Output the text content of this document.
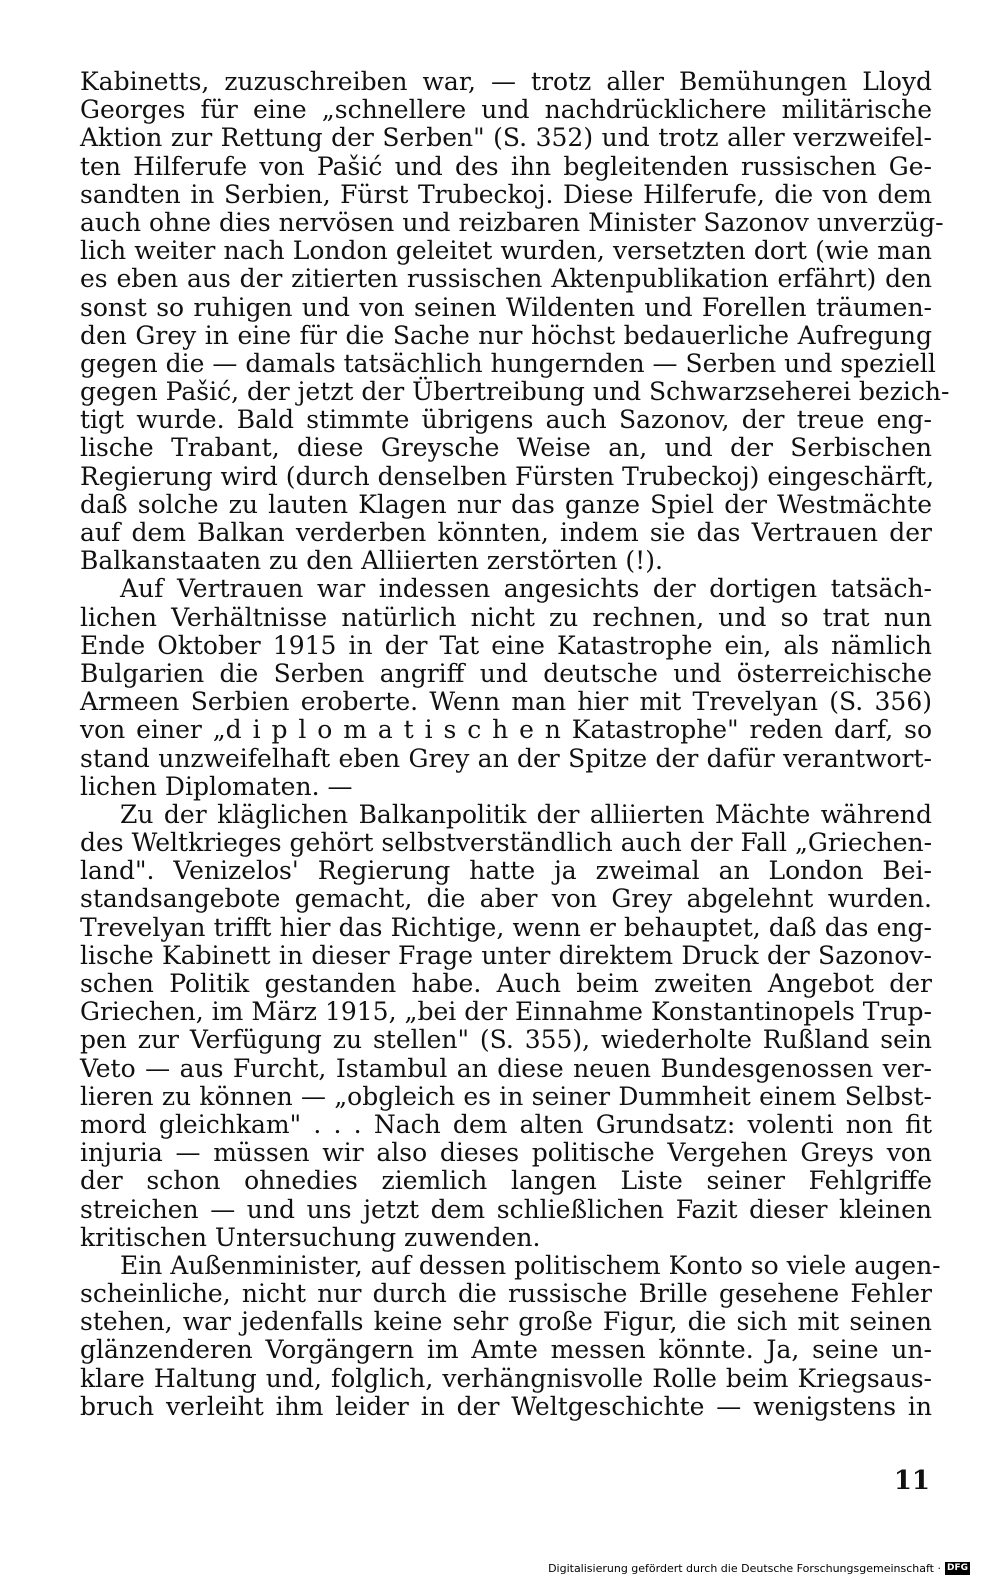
Kabinetts, zuzuschreiben war, — trotz aller Bemühungen Lloyd
Georges für eine „schnellere und nachdrücklichere militärische
Aktion zur Rettung der Serben" (S. 352) und trotz aller verzweifel-
ten Hilferufe von Pašić und des ihn begleitenden russischen Ge-
sandten in Serbien, Fürst Trubeckoj. Diese Hilferufe, die von dem
auch ohne dies nervösen und reizbaren Minister Sazonov unverzüg-
lich weiter nach London geleitet wurden, versetzten dort (wie man
es eben aus der zitierten russischen Aktenpublikation erfährt) den
sonst so ruhigen und von seinen Wildenten und Forellen träumen-
den Grey in eine für die Sache nur höchst bedauerliche Aufregung
gegen die — damals tatsächlich hungernden — Serben und speziell
gegen Pašić, der jetzt der Übertreibung und Schwarzseherei bezich-
tigt wurde. Bald stimmte übrigens auch Sazonov, der treue eng-
lische Trabant, diese Greysche Weise an, und der Serbischen
Regierung wird (durch denselben Fürsten Trubeckoj) eingeschärft,
daß solche zu lauten Klagen nur das ganze Spiel der Westmächte
auf dem Balkan verderben könnten, indem sie das Vertrauen der
Balkanstaaten zu den Alliierten zerstörten (!).
Auf Vertrauen war indessen angesichts der dortigen tatsäch-
lichen Verhältnisse natürlich nicht zu rechnen, und so trat nun
Ende Oktober 1915 in der Tat eine Katastrophe ein, als nämlich
Bulgarien die Serben angriff und deutsche und österreichische
Armeen Serbien eroberte. Wenn man hier mit Trevelyan (S. 356)
von einer „d i p l o m a t i s c h e n Katastrophe" reden darf, so
stand unzweifelhaft eben Grey an der Spitze der dafür verantwort-
lichen Diplomaten. —
Zu der kläglichen Balkanpolitik der alliierten Mächte während
des Weltkrieges gehört selbstverständlich auch der Fall „Griechen-
land". Venizelos' Regierung hatte ja zweimal an London Bei-
standsangebote gemacht, die aber von Grey abgelehnt wurden.
Trevelyan trifft hier das Richtige, wenn er behauptet, daß das eng-
lische Kabinett in dieser Frage unter direktem Druck der Sazonov-
schen Politik gestanden habe. Auch beim zweiten Angebot der
Griechen, im März 1915, „bei der Einnahme Konstantinopels Trup-
pen zur Verfügung zu stellen" (S. 355), wiederholte Rußland sein
Veto — aus Furcht, Istambul an diese neuen Bundesgenossen ver-
lieren zu können — „obgleich es in seiner Dummheit einem Selbst-
mord gleichkam" . . . Nach dem alten Grundsatz: volenti non fit
injuria — müssen wir also dieses politische Vergehen Greys von
der schon ohnedies ziemlich langen Liste seiner Fehlgriffe
streichen — und uns jetzt dem schließlichen Fazit dieser kleinen
kritischen Untersuchung zuwenden.
Ein Außenminister, auf dessen politischem Konto so viele augen-
scheinliche, nicht nur durch die russische Brille gesehene Fehler
stehen, war jedenfalls keine sehr große Figur, die sich mit seinen
glänzenderen Vorgängern im Amte messen könnte. Ja, seine un-
klare Haltung und, folglich, verhängnisvolle Rolle beim Kriegsaus-
bruch verleiht ihm leider in der Weltgeschichte — wenigstens in
11
Digitalisierung gefördert durch die Deutsche Forschungsgemeinschaft · DFG
